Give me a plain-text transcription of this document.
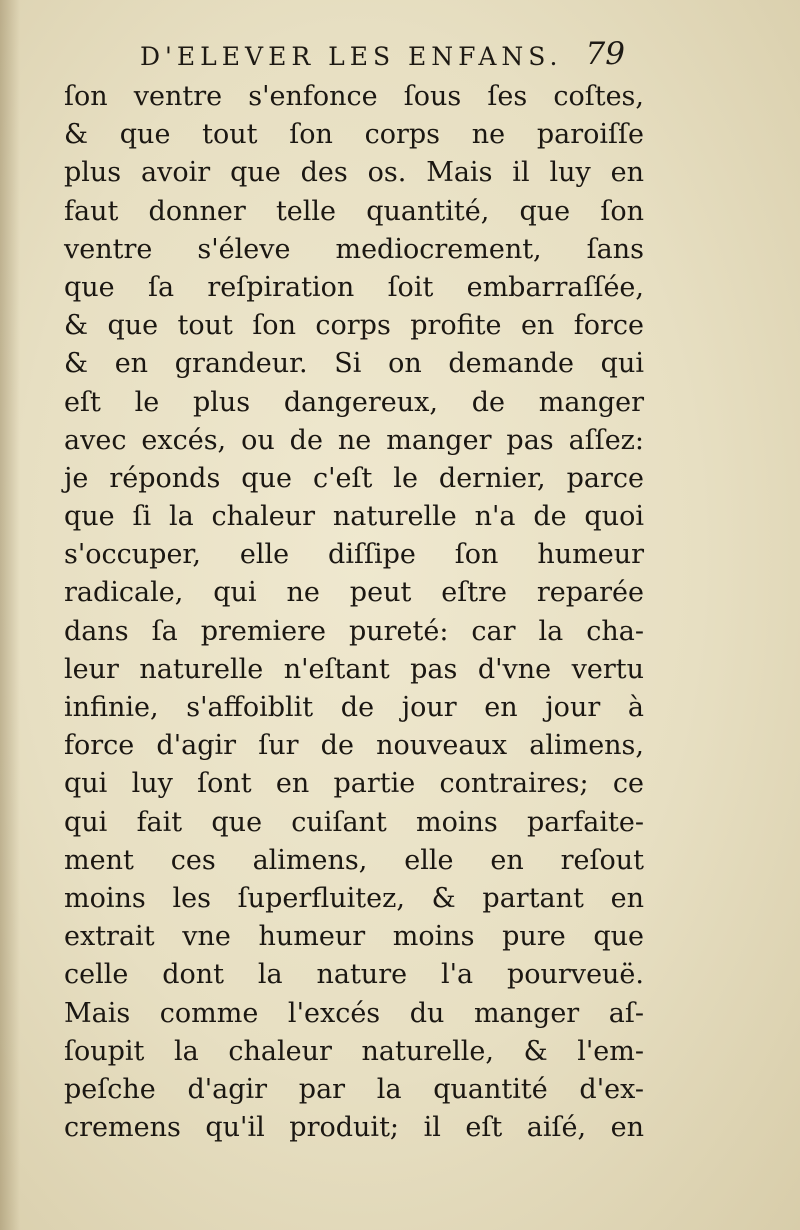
D'ELEVER LES ENFANS. 79
ſon ventre s'enfonce ſous ſes coſtes,
& que tout ſon corps ne paroiſſe
plus avoir que des os. Mais il luy en
faut donner telle quantité, que ſon
ventre s'éleve mediocrement, ſans
que ſa reſpiration ſoit embarraſſée,
& que tout ſon corps profite en force
& en grandeur. Si on demande qui
eſt le plus dangereux, de manger
avec excés, ou de ne manger pas aſſez:
je réponds que c'eſt le dernier, parce
que ſi la chaleur naturelle n'a de quoi
s'occuper, elle diſſipe ſon humeur
radicale, qui ne peut eſtre reparée
dans ſa premiere pureté: car la cha-
leur naturelle n'eſtant pas d'vne vertu
infinie, s'affoiblit de jour en jour à
force d'agir ſur de nouveaux alimens,
qui luy ſont en partie contraires; ce
qui fait que cuiſant moins parfaite-
ment ces alimens, elle en reſout
moins les ſuperfluitez, & partant en
extrait vne humeur moins pure que
celle dont la nature l'a pourveuë.
Mais comme l'excés du manger aſ-
ſoupit la chaleur naturelle, & l'em-
peſche d'agir par la quantité d'ex-
cremens qu'il produit; il eſt aiſé, en
